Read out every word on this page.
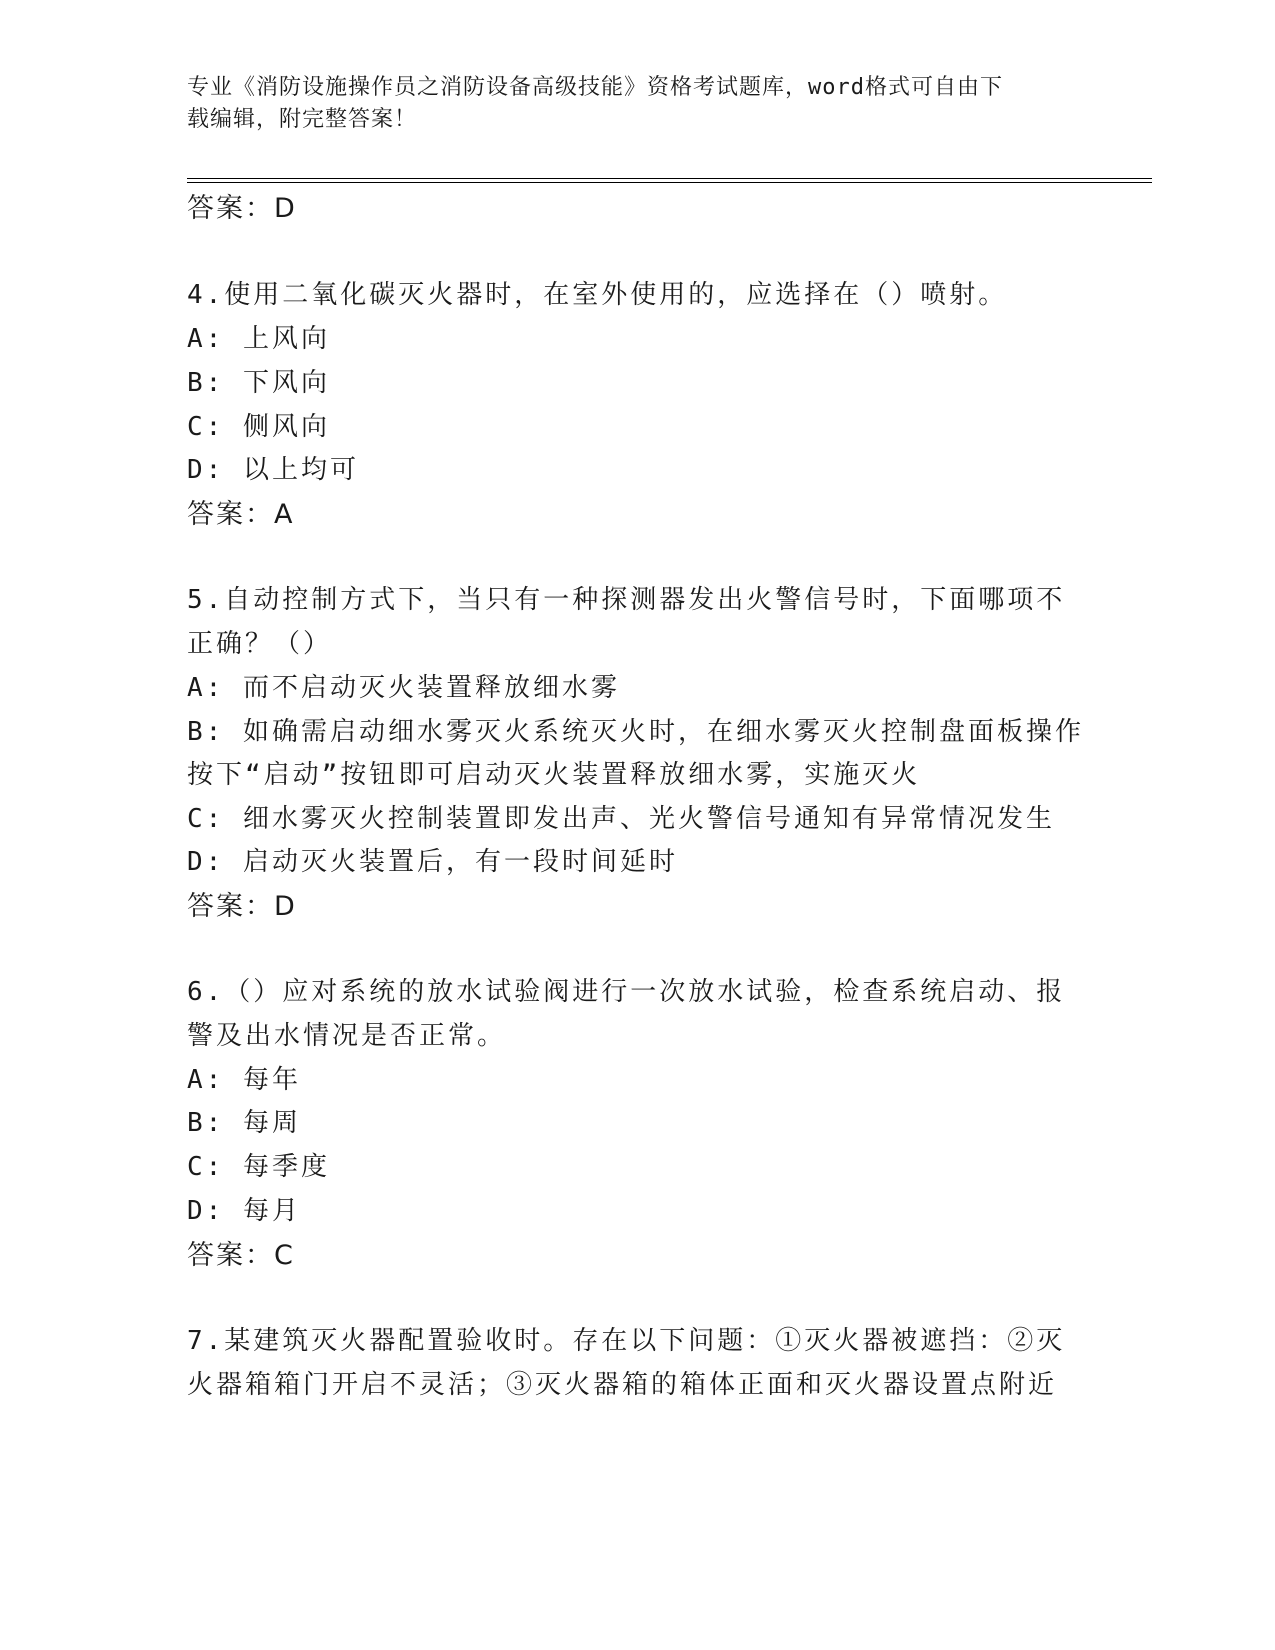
专业《消防设施操作员之消防设备高级技能》资格考试题库，word格式可自由下
载编辑，附完整答案！
答案：D
4.使用二氧化碳灭火器时，在室外使用的，应选择在（）喷射。
A: 上风向
B: 下风向
C: 侧风向
D: 以上均可
答案：A
5.自动控制方式下，当只有一种探测器发出火警信号时，下面哪项不
正确？（）
A: 而不启动灭火装置释放细水雾
B: 如确需启动细水雾灭火系统灭火时，在细水雾灭火控制盘面板操作
按下“启动”按钮即可启动灭火装置释放细水雾，实施灭火
C: 细水雾灭火控制装置即发出声、光火警信号通知有异常情况发生
D: 启动灭火装置后，有一段时间延时
答案：D
6.（）应对系统的放水试验阀进行一次放水试验，检查系统启动、报
警及出水情况是否正常。
A: 每年
B: 每周
C: 每季度
D: 每月
答案：C
7.某建筑灭火器配置验收时。存在以下问题：①灭火器被遮挡：②灭
火器箱箱门开启不灵活；③灭火器箱的箱体正面和灭火器设置点附近
